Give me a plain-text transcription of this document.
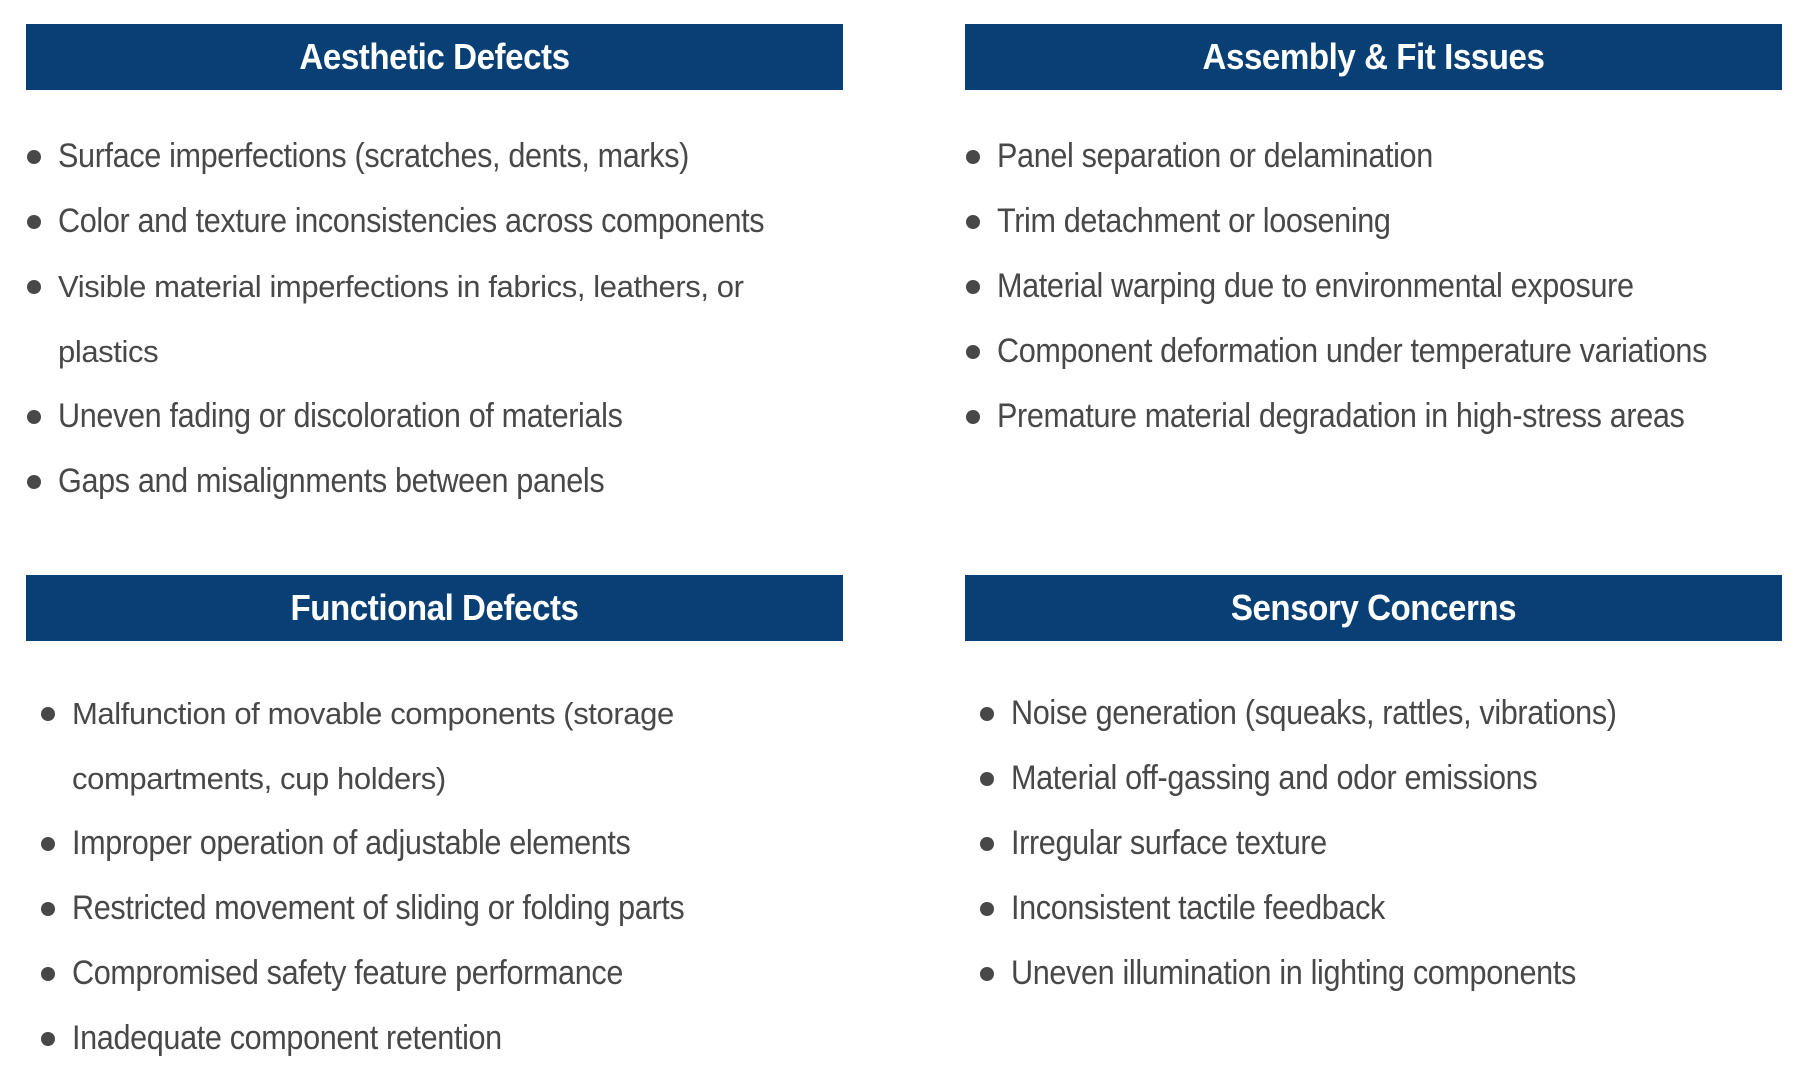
Aesthetic Defects
Surface imperfections (scratches, dents, marks)
Color and texture inconsistencies across components
Visible material imperfections in fabrics, leathers, or plastics
Uneven fading or discoloration of materials
Gaps and misalignments between panels
Assembly & Fit Issues
Panel separation or delamination
Trim detachment or loosening
Material warping due to environmental exposure
Component deformation under temperature variations
Premature material degradation in high-stress areas
Functional Defects
Malfunction of movable components (storage compartments, cup holders)
Improper operation of adjustable elements
Restricted movement of sliding or folding parts
Compromised safety feature performance
Inadequate component retention
Sensory Concerns
Noise generation (squeaks, rattles, vibrations)
Material off-gassing and odor emissions
Irregular surface texture
Inconsistent tactile feedback
Uneven illumination in lighting components
